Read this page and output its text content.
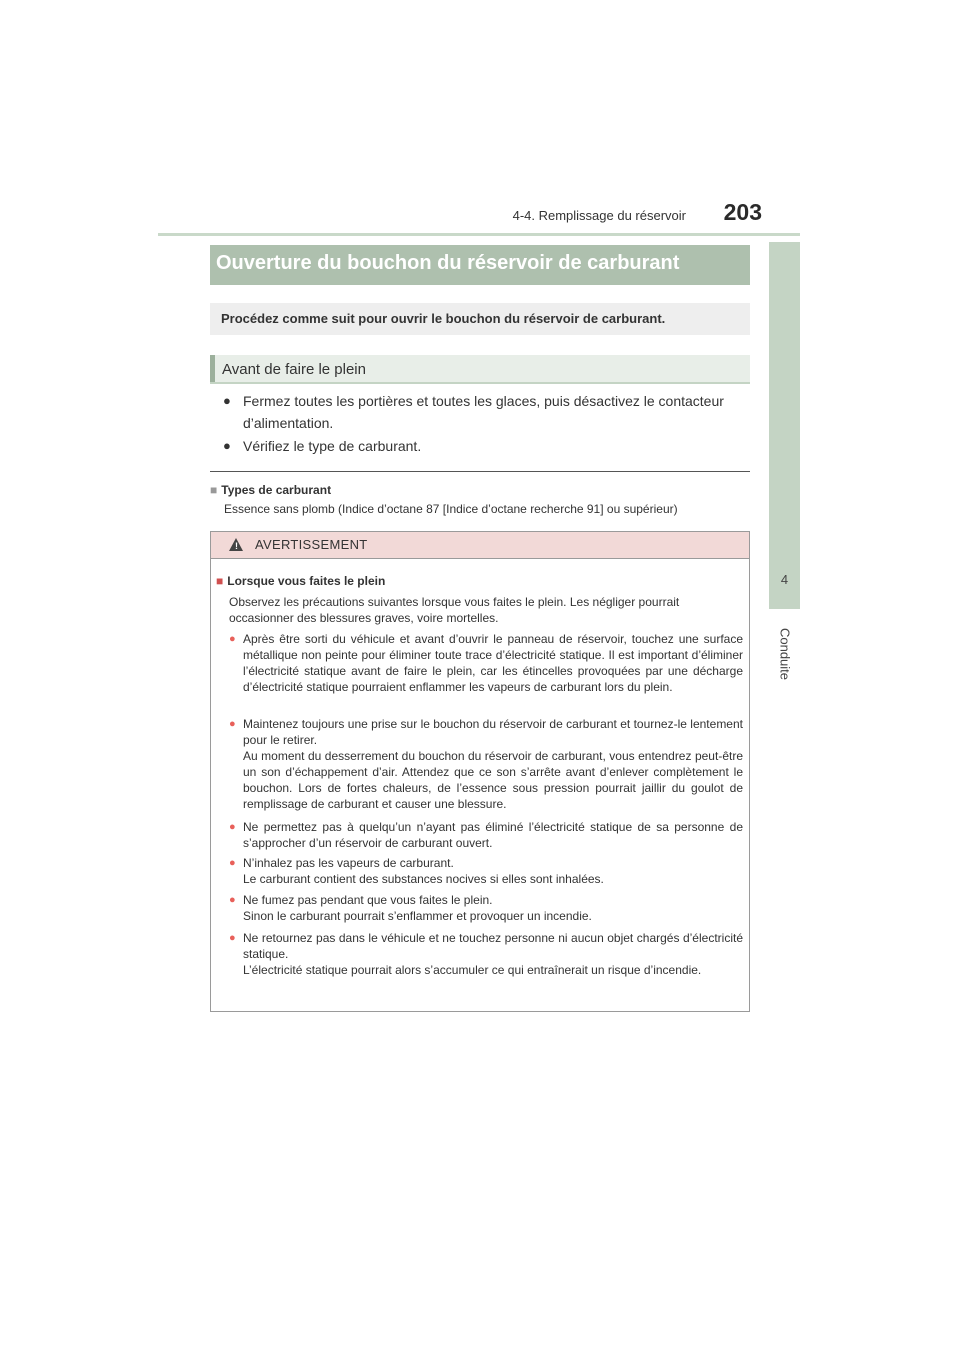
4-4. Remplissage du réservoir	203
4
Conduite
Ouverture du bouchon du réservoir de carburant
Procédez comme suit pour ouvrir le bouchon du réservoir de carburant.
Avant de faire le plein
● Fermez toutes les portières et toutes les glaces, puis désactivez le contacteur d’alimentation.
● Vérifiez le type de carburant.
■ Types de carburant
Essence sans plomb (Indice d’octane 87 [Indice d’octane recherche 91] ou supérieur)
! AVERTISSEMENT
■ Lorsque vous faites le plein
Observez les précautions suivantes lorsque vous faites le plein. Les négliger pourrait occasionner des blessures graves, voire mortelles.
● Après être sorti du véhicule et avant d’ouvrir le panneau de réservoir, touchez une surface métallique non peinte pour éliminer toute trace d’électricité statique. Il est important d’éliminer l’électricité statique avant de faire le plein, car les étincelles provoquées par une décharge d’électricité statique pourraient enflammer les vapeurs de carburant lors du plein.
● Maintenez toujours une prise sur le bouchon du réservoir de carburant et tournez-le lentement pour le retirer.
Au moment du desserrement du bouchon du réservoir de carburant, vous entendrez peut-être un son d’échappement d’air. Attendez que ce son s’arrête avant d’enlever complètement le bouchon. Lors de fortes chaleurs, de l’essence sous pression pourrait jaillir du goulot de remplissage de carburant et causer une blessure.
● Ne permettez pas à quelqu’un n’ayant pas éliminé l’électricité statique de sa personne de s’approcher d’un réservoir de carburant ouvert.
● N’inhalez pas les vapeurs de carburant.
Le carburant contient des substances nocives si elles sont inhalées.
● Ne fumez pas pendant que vous faites le plein.
Sinon le carburant pourrait s’enflammer et provoquer un incendie.
● Ne retournez pas dans le véhicule et ne touchez personne ni aucun objet chargés d’électricité statique.
L’électricité statique pourrait alors s’accumuler ce qui entraînerait un risque d’incendie.
